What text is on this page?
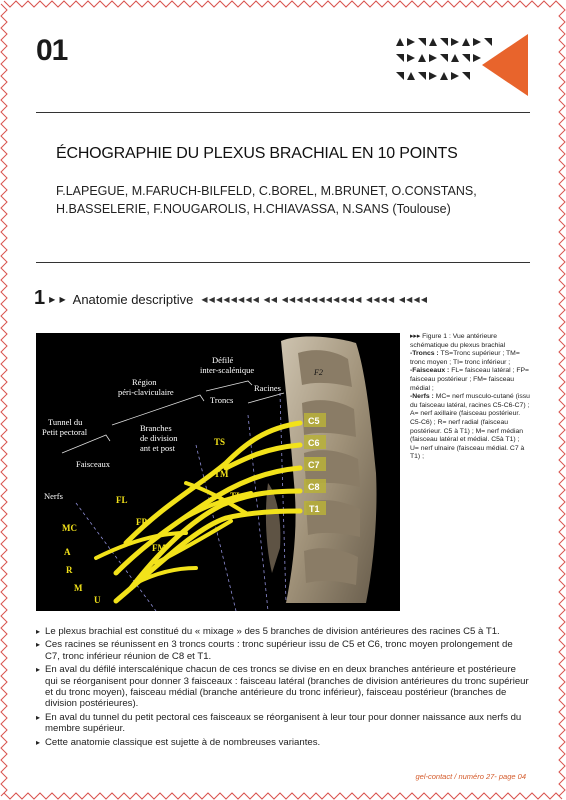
01
ÉCHOGRAPHIE DU PLEXUS BRACHIAL EN 10 POINTS

F.LAPEGUE, M.FARUCH-BILFELD, C.BOREL, M.BRUNET, O.CONSTANS, H.BASSELERIE, F.NOUGAROLIS, H.CHIAVASSA, N.SANS (Toulouse)

1 ▶ ▶ Anatomie descriptive ◀◀◀◀◀◀◀◀ ◀◀ ◀◀◀◀◀◀◀◀◀◀◀ ◀◀◀◀ ◀◀◀◀
C5
C6
C7
C8
T1
Tunnel du
Petit pectoral
Région
péri-claviculaire
Défilé
inter-scalénique
Branches
de division
ant et post
Troncs
Racines
Faisceaux
Nerfs
F2
TS
TM
TI
FL
FP
FM
MC
A
R
M
U

▸▸▸ Figure 1 : Vue antérieure schématique du plexus brachial

-Troncs : TS=Tronc supérieur ; TM= tronc moyen ; TI= tronc inférieur ;

-Faisceaux : FL= faisceau latéral ; FP= faisceau postérieur ; FM= faisceau médial ;

-Nerfs : MC= nerf musculo-cutané (issu du faisceau latéral, racines C5-C6-C7) ; A= nerf axillaire (faisceau postérieur. C5-C6) ; R= nerf radial (faisceau postérieur. C5 à T1) ; M= nerf médian (faisceau latéral et médial. C5à T1) ; U= nerf ulnaire (faisceau médial. C7 à T1) ;

▸ Le plexus brachial est constitué du « mixage » des 5 branches de division antérieures des racines C5 à T1.
▸ Ces racines se réunissent en 3 troncs courts : tronc supérieur issu de C5 et C6, tronc moyen prolongement de C7, tronc inférieur réunion de C8 et T1.
▸ En aval du défilé interscalénique chacun de ces troncs se divise en en deux branches antérieure et postérieure qui se réorganisent pour donner 3 faisceaux : faisceau latéral (branches de division antérieures du tronc supérieur et du tronc moyen), faisceau médial (branche antérieure du tronc inférieur), faisceau postérieur (branches de division postérieures).
▸ En aval du tunnel du petit pectoral ces faisceaux se réorganisent à leur tour pour donner naissance aux nerfs du membre supérieur.
▸ Cette anatomie classique est sujette à de nombreuses variantes.
gel-contact / numéro 27- page 04
